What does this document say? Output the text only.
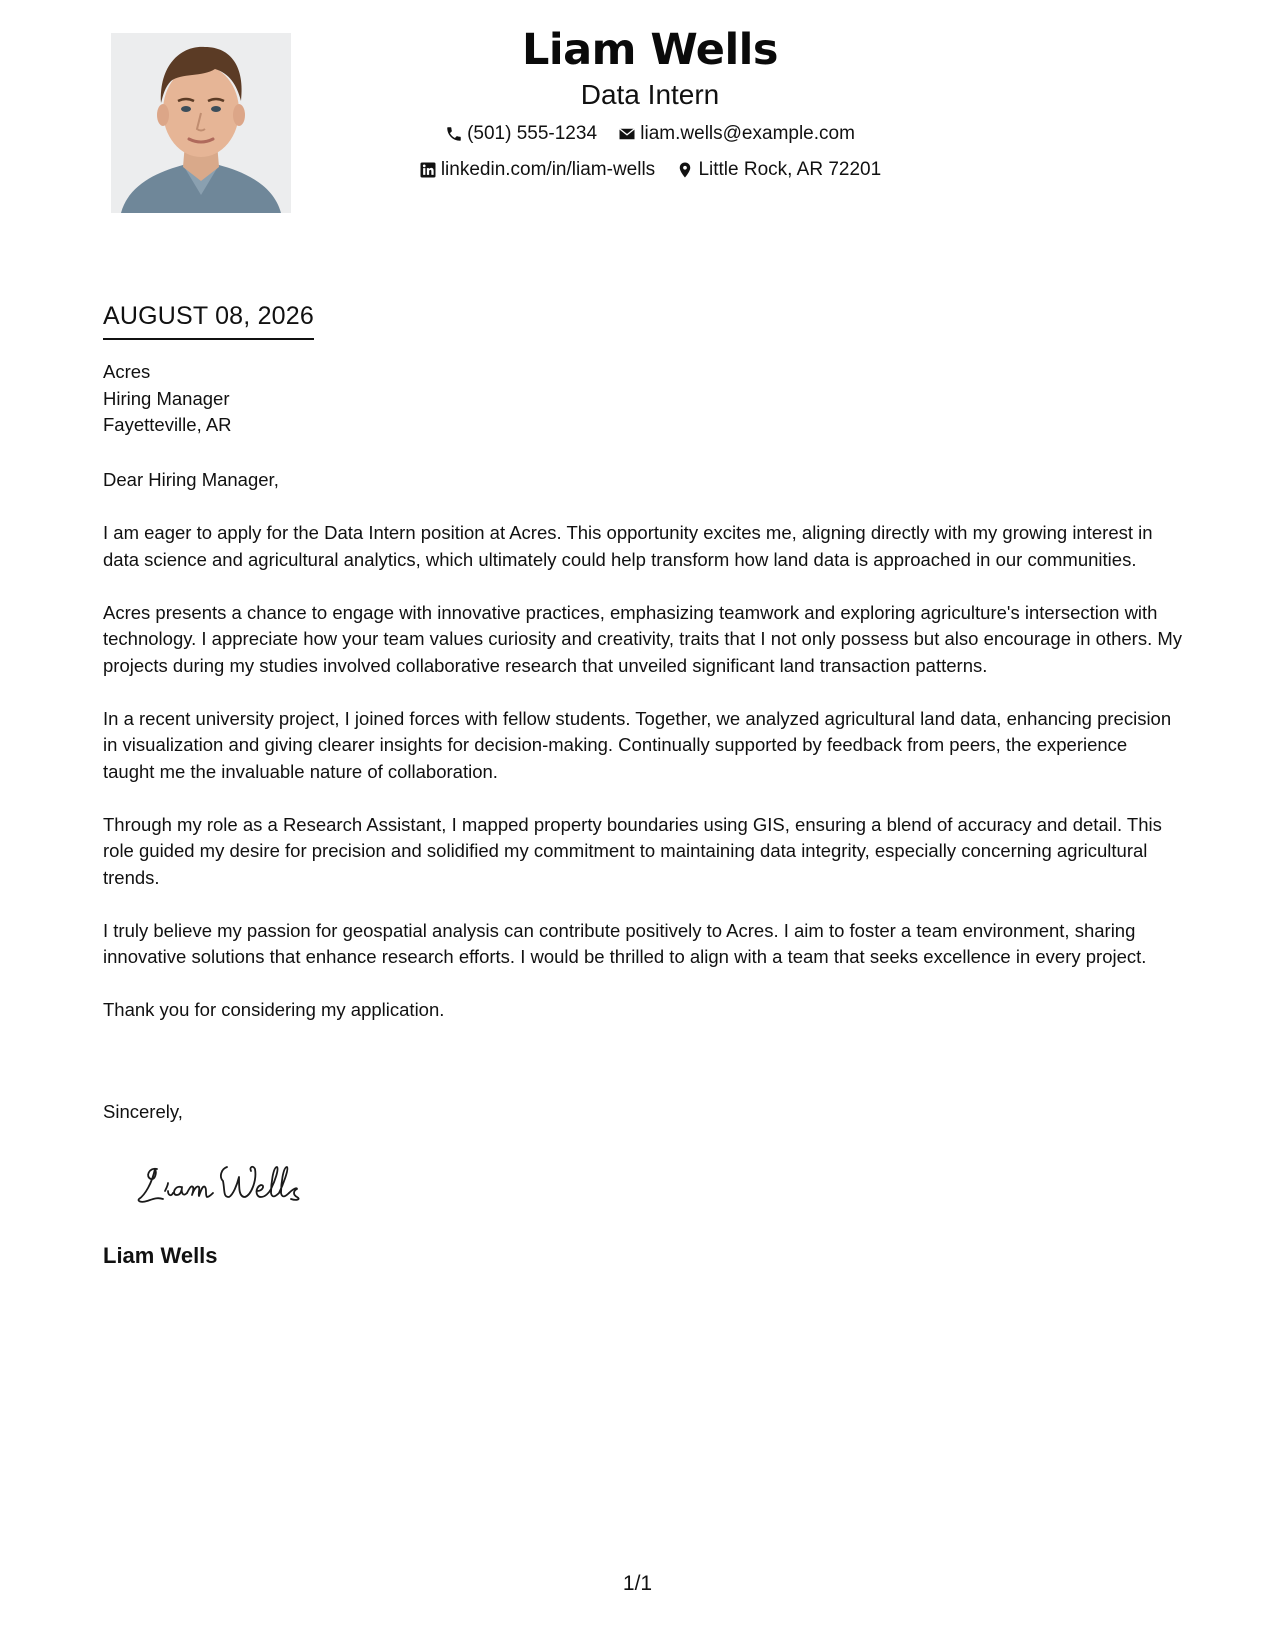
Liam Wells
Data Intern
(501) 555-1234
liam.wells@example.com
linkedin.com/in/liam-wells
Little Rock, AR 72201
AUGUST 08, 2026
Acres
Hiring Manager
Fayetteville, AR

Dear Hiring Manager,

I am eager to apply for the Data Intern position at Acres. This opportunity excites me, aligning directly with my growing interest in data science and agricultural analytics, which ultimately could help transform how land data is approached in our communities.

Acres presents a chance to engage with innovative practices, emphasizing teamwork and exploring agriculture's intersection with technology. I appreciate how your team values curiosity and creativity, traits that I not only possess but also encourage in others. My projects during my studies involved collaborative research that unveiled significant land transaction patterns.

In a recent university project, I joined forces with fellow students. Together, we analyzed agricultural land data, enhancing precision in visualization and giving clearer insights for decision-making. Continually supported by feedback from peers, the experience taught me the invaluable nature of collaboration.

Through my role as a Research Assistant, I mapped property boundaries using GIS, ensuring a blend of accuracy and detail. This role guided my desire for precision and solidified my commitment to maintaining data integrity, especially concerning agricultural trends.

I truly believe my passion for geospatial analysis can contribute positively to Acres. I aim to foster a team environment, sharing innovative solutions that enhance research efforts. I would be thrilled to align with a team that seeks excellence in every project.

Thank you for considering my application.

Sincerely,
Liam Wells
1/1
